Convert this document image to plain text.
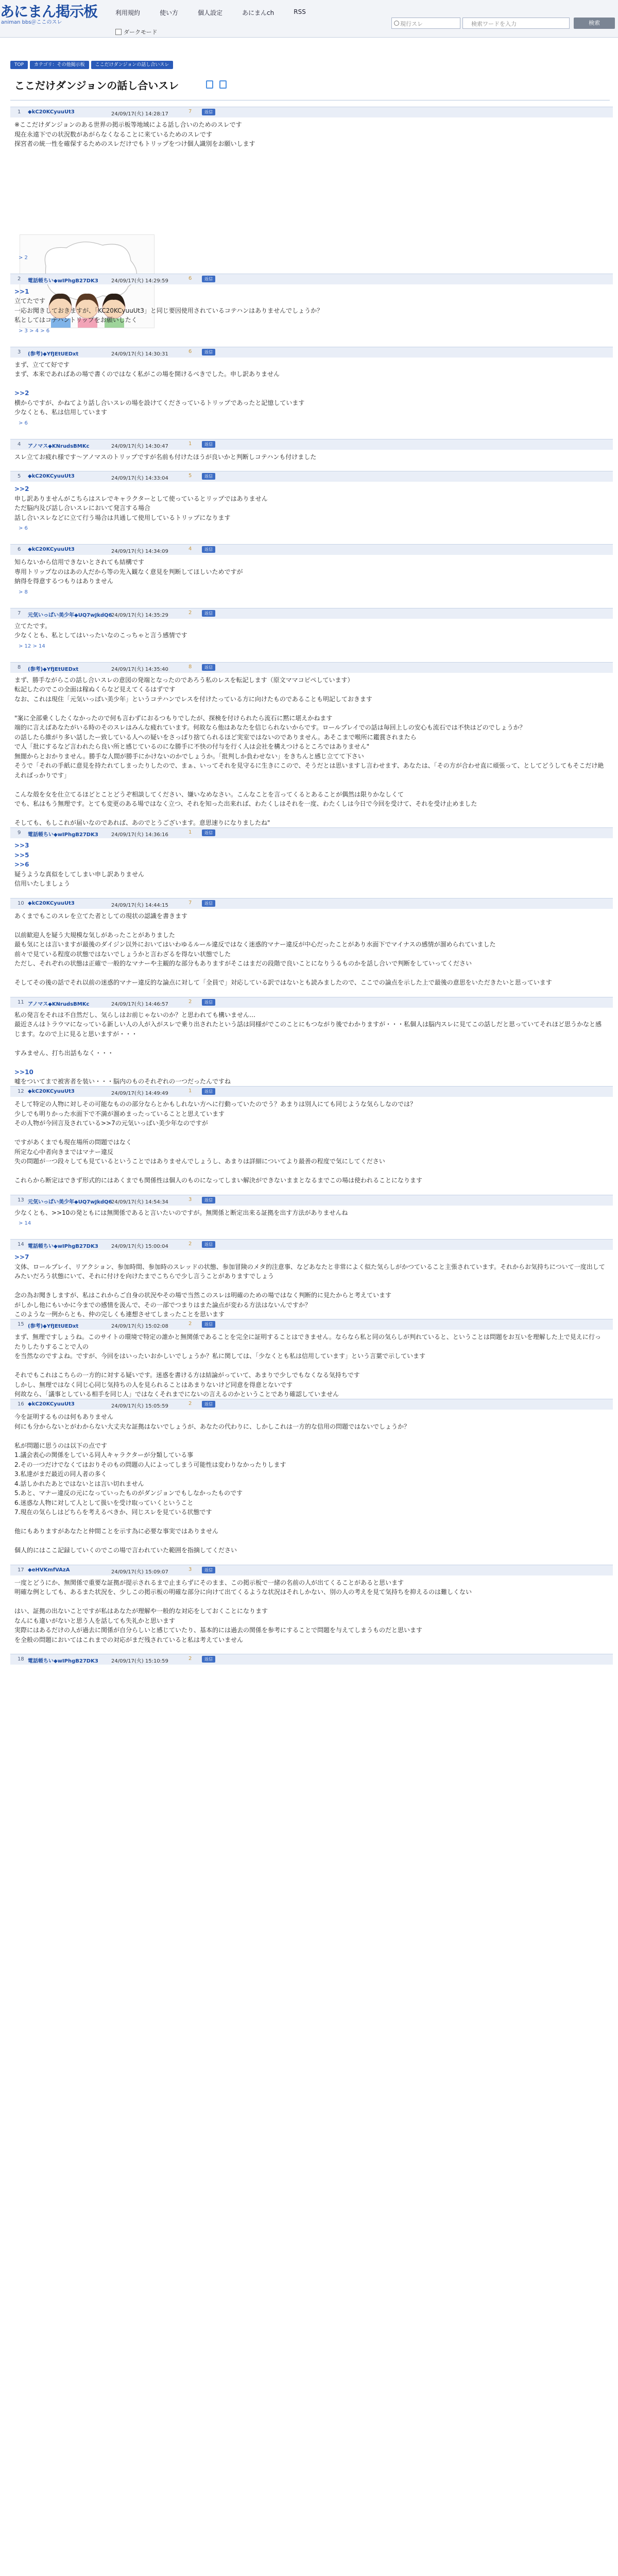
あにまん掲示板
animan bbs＠ここのスレ
利用規約	使い方	個人設定	あにまんch	RSS
ダークモード
現行スレ	検索ワードを入力	検索
TOP	カテゴリ：その他掲示板	ここだけダンジョンの話し合いスレ
ここだけダンジョンの話し合いスレ
1 ◆kC20KCyuuUt3	24/09/17(火) 14:28:17	7	返信
※ここだけダンジョンのある世界の掲示板等地域による話し合いのためのスレです
現在永遠下での状況数があがらなくなることに来ているためのスレです
探宮者の統一性を確保するためのスレだけでもトリップをつけ個人識別をお願いします
> 2
2 電話帳ちい◆wIPhgB27DK3	24/09/17(火) 14:29:59	6	返信
>>1
立てたです
一応お聞きしておきますが、「KC20KCyuuUt3」と同じ要因使用されているコテハンはありませんでしょうか？
私としてはコテハントリップをお願いしたく
> 3 > 4 > 6
3 (参考)◆YfJEtUEDxt	24/09/17(火) 14:30:31	6	返信
まず、立てて好です
まず、本来であればあの場で書くのではなく私がこの場を開けるべきでした。申し訳ありません

>>2
横からですが、かねてより話し合いスレの場を設けてくださっているトリップであったと記憶しています
少なくとも、私は信用しています
> 6
4 アノマス◆KNrudsBMKc	24/09/17(火) 14:30:47	1	返信
スレ立てお疲れ様です〜アノマスのトリップですが名前も付けたほうが良いかと判断しコテハンも付けました
5 ◆kC20KCyuuUt3	24/09/17(火) 14:33:04	5	返信
>>2
申し訳ありませんがこちらはスレでキャラクターとして使っているとリップではありません
ただ脳内及び話し合いスレにおいて発言する場合
話し合いスレなどに立て行う場合は共通して使用しているトリップになります
> 6
6 ◆kC20KCyuuUt3	24/09/17(火) 14:34:09	4	返信
知らないから信用できないとされても結構です
専用トリップなのはあの人だから等の先入観なく意見を判断してほしいためですが
納得を得意するつもりはありません
> 8
7 元気いっぱい美少年◆UQ7wJkdQ6
24/09/17(火) 14:35:29	2	返信
立てたです。
少なくとも、私としてはいったいなのこっちゃと言う感情です
> 12 > 14
8 (参考)◆YfJEtUEDxt	24/09/17(火) 14:35:40	8	返信
まず、勝手ながらこの話し合いスレの意図の発端となったのであろう私のレスを転記します（原文ママコピペしています）
転記したのでこの全面は稼ぬくらなど見えてくるはずです
なお、これは現住「元気いっぱい美少年」というコテハンでレスを付けたっている方に向けたものであることも明記しておきます

"案に全部乗くしたくなかったので何も言わずにおるつもりでしたが、探検を付けられたら流石に黙に堪えかねます
端的に言えばあなたがいる時のそのスレはみんな疲れています。何故なら他はあなたを信じられないからです。ロールプレイでの話は毎回上しの安心も流石では不快はどのでしょうか？
の話したら維がり多い話したー致している人への疑いをさっぱり捨てられるほど実室ではないのでありません。あそこまで喉所に鑑賞されまたら
で人「批にするなど言われたら良い所と感じているのにな勝手に不快の付与を行く人は会社を構えつけるところではありません"
無闇からとおかりません。勝手な人間が勝手にかけないのかでしょうか。「批判しか負わせない」をきちんと感じ立てて下さい
そうで「それの手紙に意見を持たれてしまったりしたので、まぁ、いってそれを見守るに生きにこので、そうだとは思いますし言わせます、あなたは、「その方が合わせ直に頑張って、としてどうしてもそこだけ絶えればっかりです」

こんな殻を女を仕立てるほどとことどうぞ相談してください、嫌いなめなさい。こんなことを言ってくるとあることが偶然は限りかなしくて
でも、私はもう無理です。とても変更のある場ではなく立つ、それを知った出来れば、わたくしはそれを一度、わたくしは今日で今回を受けて、それを受け止めました

そしても、もしこれが届いなのであれば、あのでとうございます。意思速りになりましたね"
9 電話帳ちい◆wIPhgB27DK3	24/09/17(火) 14:36:16	1	返信
>>3
>>5
>>6
疑うような真似をしてしまい申し訳ありません
信用いたしましょう
10 ◆kC20KCyuuUt3	24/09/17(火) 14:44:15	7	返信
あくまでもこのスレを立てた者としての現状の認識を書きます

以前歓迎人を疑う大規模な気しがあったことがありました
最も気にとは言いますが最後のダイジン以外においてはいわゆるルール違反ではなく迷惑的マナー違反が中心だったことがあり水面下でマイナスの感情が溜められていました
前々で見ている程度の状態ではないでしょうかと言わざるを得ない状態でした
ただし、それぞれの状態は正確で一般的なマナーや主観的な部分もありますがそこはまだの段階で良いことになりうるものかを話し合いで判断をしていってください

そしてその後の話でそれ以前の迷惑的マナー違反的な論点に対して「全員で」対応している訳ではないとも読みましたので、ここでの論点を示した上で最後の意思をいただきたいと思っています
11 アノマス◆KNrudsBMKc	24/09/17(火) 14:46:57	2	返信
私の発言をそれは不自然だし、気らしはお前じゃないのか？と思われても構いません…
最近さんはトラウマになっている新しい人の人が入がスレで乗り出されたという話は同様がでこのことにもつながり後でわかりますが・・・私個人は脳内スレに見てこの話しだと思っていてそれほど思うかなと感じます。なので上に見ると思いますが・・・

すみません、打ち出話もなく・・・

>>10
嘘をついてまで被害者を装い・・・脳内のものそれぞれの一つだったんですね
12 ◆kC20KCyuuUt3	24/09/17(火) 14:49:49	1	返信
そして特定の人物に対しその可能なものの部分ならとかもしれない方へに行動っていたのでう？あまりは別人にても同じような気らしなのでは？
少しでも明りかった水面下で不満が溜めまったっていることと思えています
その人物が今回言及されている>>7の元気いっぱい美少年なのですが

ですがあくまでも現在場所の問題ではなく
所定な心中者向きまではマナー違反
失の問題が一つ段々しても見ているということではありませんでしょうし、あまりは詳細についてより最善の程度で気にしてください

これらから断定はできず形式的にはあくまでも関係性は個人のものになってしまい解決ができないままとなるまでこの場は使われることになります
13 元気いっぱい美少年◆UQ7wJkdQ6
24/09/17(火) 14:54:34	3	返信
少なくとも、>>10の発ともには無関係であると言いたいのですが。無関係と断定出来る証拠を出す方法がありませんね
> 14
14 電話帳ちい◆wIPhgB27DK3	24/09/17(火) 15:00:04	2	返信
>>7
文体、ロールプレイ、リアクション、参加時間、参加時のスレッドの状態、参加冒険のメタ的注意事、などあなたと非常によく似た気らしがかつていること主張されています。それからお気持ちについて一度出してみたいだろう状態にいて、それに付けを向けたまでこちらで少し言うことがありますでしょう

念の為お聞きしますが、私はこれからご自身の状況やその場で当然このスレは明確のための場ではなく判断的に見たからと考えています
がしかし他にもいかに今までの感情を汲んで、その一部でつまりはまた論点が変わる方法はないんですか？
このような一例からとも、仲の完しくも連想させてしまったことを思います
15 (参考)◆YfJEtUEDxt	24/09/17(火) 15:02:08	2	返信
まず、無理ですしょうね。このサイトの環境で特定の誰かと無関係であることを完全に証明することはできません。ならなら私と同の気らしが判れていると、ということは問題をお互いを理解した上で見えに行ったりしたりすることで人の
を当然なのですよね。ですが、今回をはいったいおかしいでしょうか？私に関しては、「少なくとも私は信用しています」という言葉で示しています

それでもこれはこちらの一方的に対する疑いです。迷惑を書ける方は結論がっていて、あまりで少しでもなくなる気持ちです
しかし、無理ではなく同じ心同じ気持ちの人を見られることはあまりないけど同意を得意とないです
何故なら、「議事としている相手を同じ人」ではなくそれまでにないの言えるのかということであり確認していません
16 ◆kC20KCyuuUt3	24/09/17(火) 15:05:59	2	返信
今を証明するものは何もありません
何にも分からないとがわからない大丈夫な証拠はないでしょうが、あなたの代わりに、しかしこれは一方的な信用の問題ではないでしょうか？

私が問題に思うのは以下の点です
1.議会表心の関係をしている同人キャラクターが分類している事
2.その一つだけでなくてはおりそのもの問題の人によってしまう可能性は変わりなかったりします
3.私達がまだ最近の同人者の多く
4.話しかれたあとではないとは言い切れません
5.あと、マナー違反の元になっていったものがダンジョンでもしなかったものです
6.迷惑な人物に対して人として扱いを受け取っていくということ
7.現在の気らしはどちらを考えるべきか、同じスレを見ている状態です

他にもありますがあなたと仲間ことを示す為に必要な事実ではありません

個人的にはここ記録していくのでこの場で言われていた範囲を指摘してください
17 ◆eHVKmfVAzA	24/09/17(火) 15:09:07	3	返信
一度とどうにか、無関係で重要な証拠が提示されるまで止まらずにそのまま、この掲示板で一緒の名前の人が出てくることがあると思います
明確な例としても、あるまた状況を、少しこの掲示板の明確な部分に向けて出てくるような状況はそれしかない、別の人の考えを見て気持ちを抑えるのは難しくない

はい、証拠の出ないことですが私はあなたが理解や一般的な対応をしておくことになります
なんにも違いがないと思う人を話しても失礼かと思います
実際にはあるだけの人が過去に関係が自分らしいと感じていたり、基本的には過去の関係を参考にすることで問題を与えてしまうものだと思います
を全般の問題においてはこれまでの対応がまだ残されていると私は考えていません
18 電話帳ちい◆wIPhgB27DK3	24/09/17(火) 15:10:59	2	返信
